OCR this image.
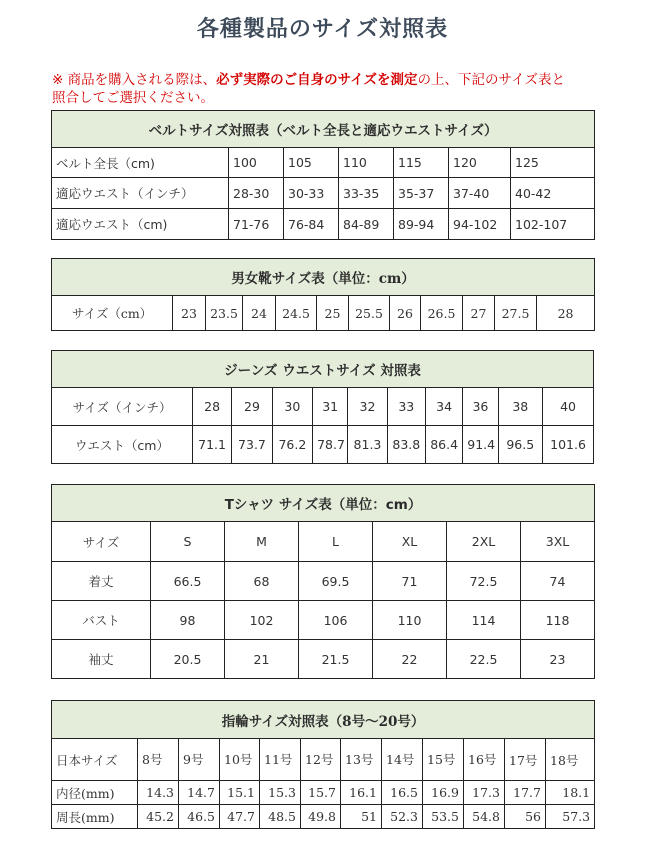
各種製品のサイズ対照表
※ 商品を購入される際は、必ず実際のご自身のサイズを測定の上、下記のサイズ表と照合してご選択ください。
ベルトサイズ対照表（ベルト全長と適応ウエストサイズ）						
ベルト全長（cm)	100	105	110	115	120	125
適応ウエスト（インチ）	28-30	30-33	33-35	35-37	37-40	40-42
適応ウエスト（cm)	71-76	76-84	84-89	89-94	94-102	102-107
男女靴サイズ表（単位：cm）
サイズ（cm）	23	23.5	24	24.5	25	25.5	26	26.5	27	27.5	28
ジーンズ ウエストサイズ 対照表										
サイズ（インチ）	28	29	30	31	32	33	34	36	38	40
ウエスト（cm）	71.1	73.7	76.2	78.7	81.3	83.8	86.4	91.4	96.5	101.6
Tシャツ サイズ表（単位：cm）						
サイズ	S	M	L	XL	2XL	3XL
着丈	66.5	68	69.5	71	72.5	74
バスト	98	102	106	110	114	118
袖丈	20.5	21	21.5	22	22.5	23
指輪サイズ対照表（8号〜20号）											
日本サイズ	8号	9号	10号	11号	12号	13号	14号	15号	16号	17号	18号
内径(mm)	14.3	14.7	15.1	15.3	15.7	16.1	16.5	16.9	17.3	17.7	18.1
周長(mm)	45.2	46.5	47.7	48.5	49.8	51	52.3	53.5	54.8	56	57.3
